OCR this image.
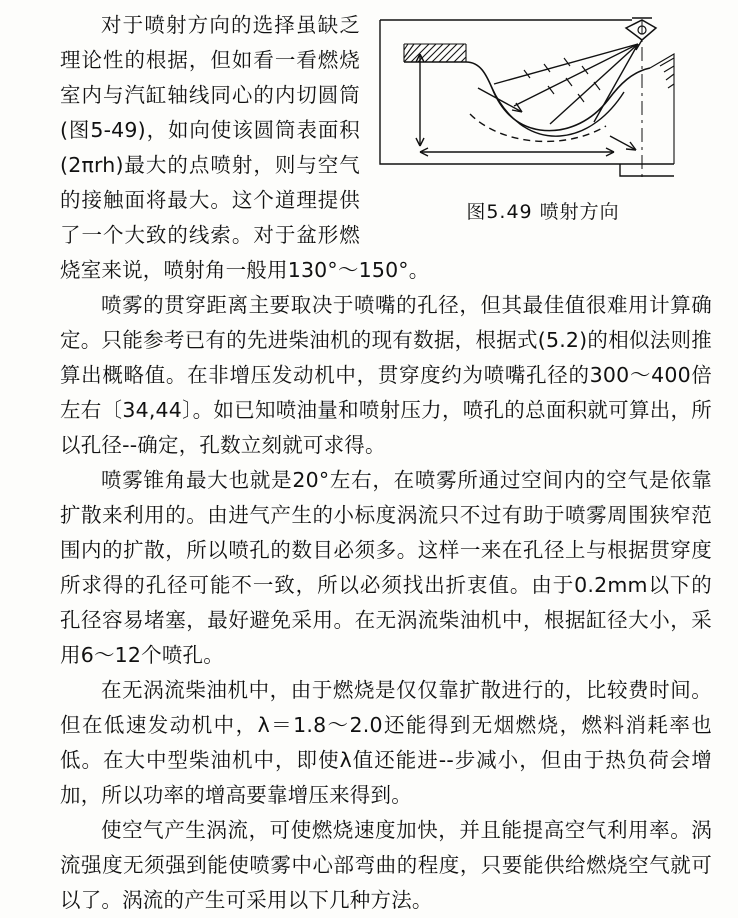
图5.49 喷射方向

对于喷射方向的选择虽缺乏理论性的根据，但如看一看燃烧室内与汽缸轴线同心的内切圆筒(图5-49)，如向使该圆筒表面积(2πrh)最大的点喷射，则与空气的接触面将最大。这个道理提供了一个大致的线索。对于盆形燃烧室来说，喷射角一般用130°～150°。

喷雾的贯穿距离主要取决于喷嘴的孔径，但其最佳值很难用计算确定。只能参考已有的先进柴油机的现有数据，根据式(5.2)的相似法则推算出概略值。在非增压发动机中，贯穿度约为喷嘴孔径的300～400倍左右〔34,44〕。如已知喷油量和喷射压力，喷孔的总面积就可算出，所以孔径--确定，孔数立刻就可求得。

喷雾锥角最大也就是20°左右，在喷雾所通过空间内的空气是依靠扩散来利用的。由进气产生的小标度涡流只不过有助于喷雾周围狭窄范围内的扩散，所以喷孔的数目必须多。这样一来在孔径上与根据贯穿度所求得的孔径可能不一致，所以必须找出折衷值。由于0.2mm以下的孔径容易堵塞，最好避免采用。在无涡流柴油机中，根据缸径大小，采用6～12个喷孔。

在无涡流柴油机中，由于燃烧是仅仅靠扩散进行的，比较费时间。但在低速发动机中，λ＝1.8～2.0还能得到无烟燃烧，燃料消耗率也低。在大中型柴油机中，即使λ值还能进--步减小，但由于热负荷会增加，所以功率的增高要靠增压来得到。

使空气产生涡流，可使燃烧速度加快，并且能提高空气利用率。涡流强度无须强到能使喷雾中心部弯曲的程度，只要能供给燃烧空气就可以了。涡流的产生可采用以下几种方法。
